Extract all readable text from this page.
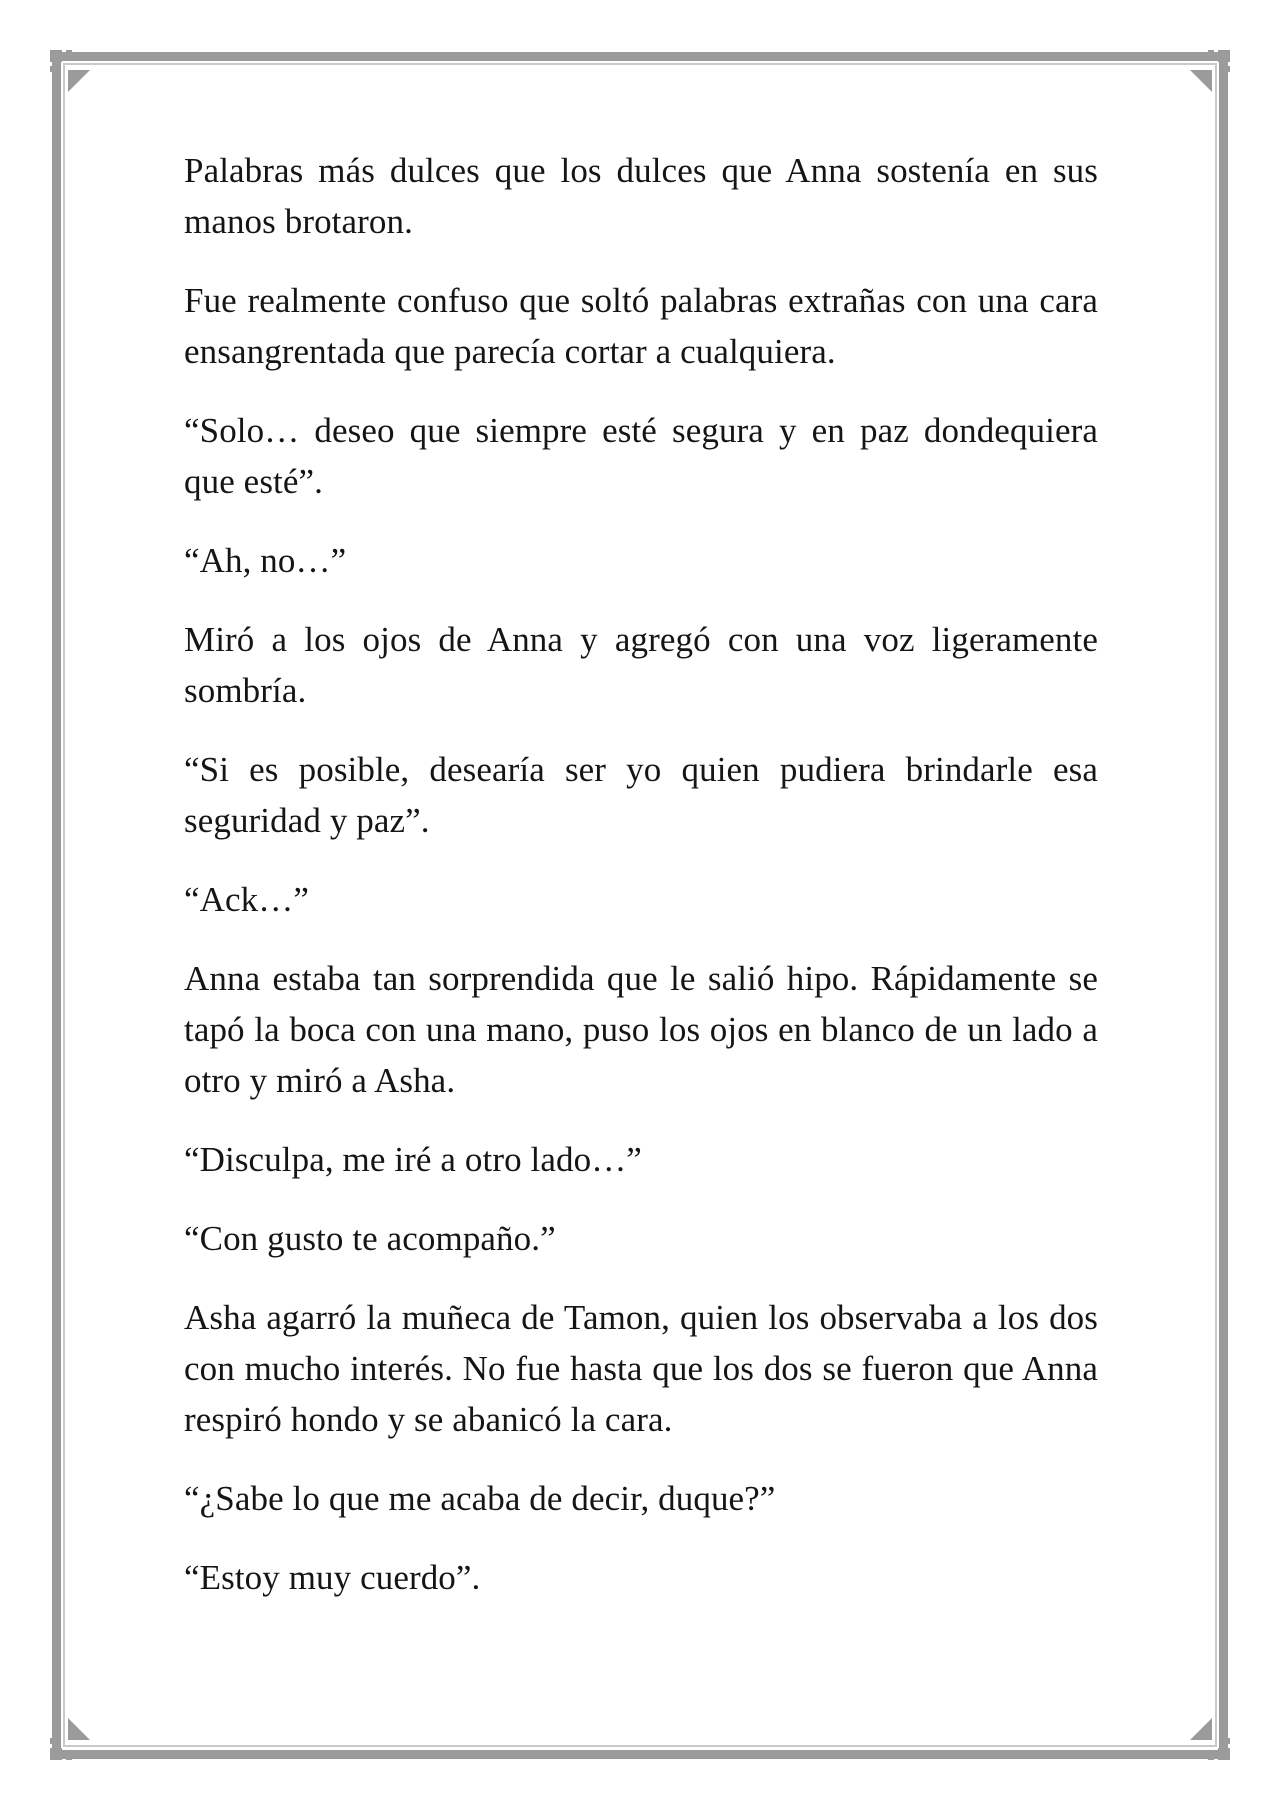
Palabras más dulces que los dulces que Anna sostenía en sus manos brotaron.

Fue realmente confuso que soltó palabras extrañas con una cara ensangrentada que parecía cortar a cualquiera.

“Solo… deseo que siempre esté segura y en paz dondequiera que esté”.

“Ah, no…”

Miró a los ojos de Anna y agregó con una voz ligeramente sombría.

“Si es posible, desearía ser yo quien pudiera brindarle esa seguridad y paz”.

“Ack…”

Anna estaba tan sorprendida que le salió hipo. Rápidamente se tapó la boca con una mano, puso los ojos en blanco de un lado a otro y miró a Asha.

“Disculpa, me iré a otro lado…”

“Con gusto te acompaño.”

Asha agarró la muñeca de Tamon, quien los observaba a los dos con mucho interés. No fue hasta que los dos se fueron que Anna respiró hondo y se abanicó la cara.

“¿Sabe lo que me acaba de decir, duque?”

“Estoy muy cuerdo”.
